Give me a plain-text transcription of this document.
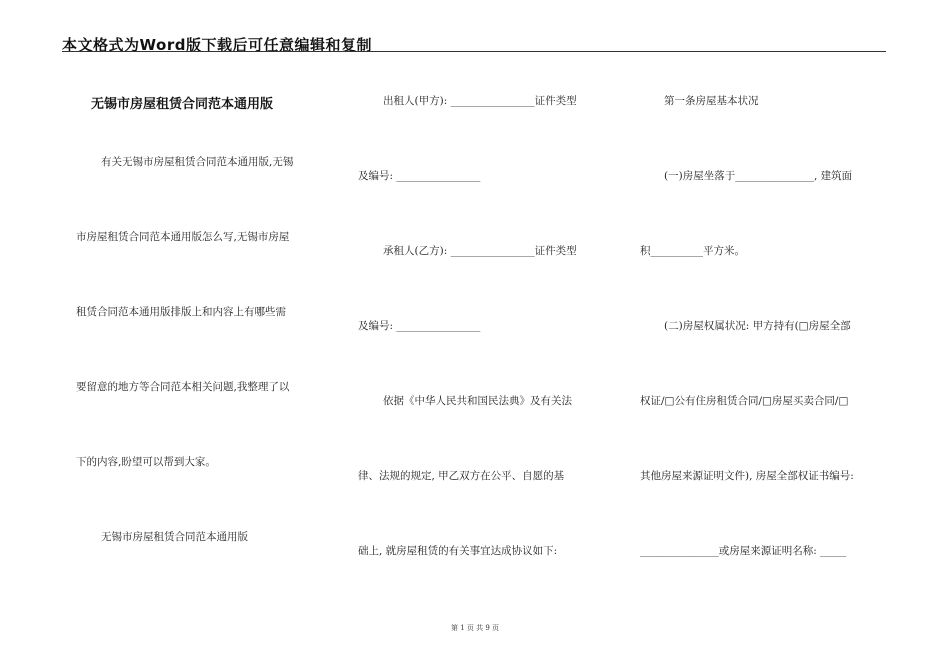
本文格式为Word版下载后可任意编辑和复制
无锡市房屋租赁合同范本通用版
有关无锡市房屋租赁合同范本通用版,无锡
市房屋租赁合同范本通用版怎么写,无锡市房屋
租赁合同范本通用版排版上和内容上有哪些需
要留意的地方等合同范本相关问题,我整理了以
下的内容,盼望可以帮到大家。
无锡市房屋租赁合同范本通用版
出租人(甲方): ________________证件类型
及编号: ________________
承租人(乙方): ________________证件类型
及编号: ________________
依据《中华人民共和国民法典》及有关法
律、法规的规定, 甲乙双方在公平、自愿的基
础上, 就房屋租赁的有关事宜达成协议如下:
第一条房屋基本状况
(一)房屋坐落于_______________, 建筑面
积__________平方米。
(二)房屋权属状况: 甲方持有(□房屋全部
权证/□公有住房租赁合同/□房屋买卖合同/□
其他房屋来源证明文件), 房屋全部权证书编号:
_______________或房屋来源证明名称: _____
第 1 页 共 9 页
